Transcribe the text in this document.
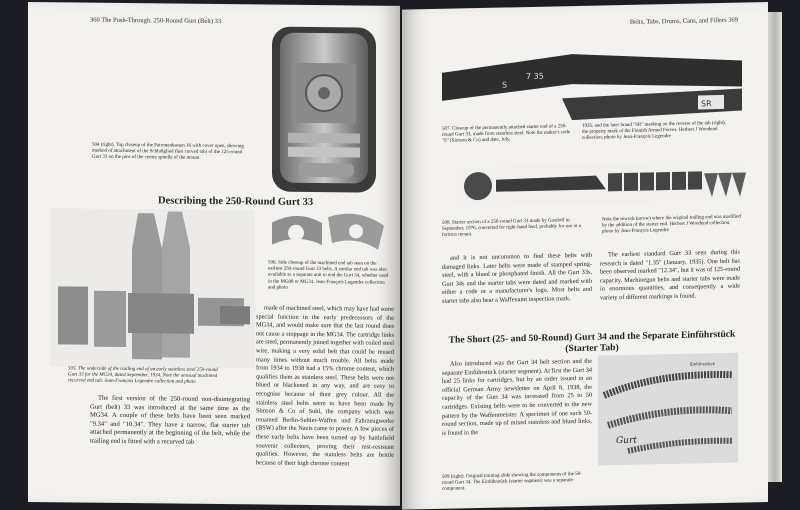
360 The Push-Through, 250-Round Gurt (Belt) 33
504 (right). Top closeup of the Patronenkasten 16 with cover open, showing method of attachment of the Schlußglied (last curved tab) of the 125-round Gurt 33 on the pins of the centre spindle of the mount
Describing the 250-Round Gurt 33
505. The underside of the trailing end of an early stainless steel 250-round Gurt 33 for the MG34, dated September, 1934. Note the unusual machined recurved end tab. Jean-François Legendre collection and photo
506. Side closeup of the machined end tab seen on the earliest 250-round Gurt 33 belts. A similar end tab was also available as a separate unit to end the Gurt 34, whether used in the MG08 or MG34. Jean-François Legendre collection and photo

The first version of the 250-round non-disintegrating Gurt (belt) 33 was introduced at the same time as the MG34. A couple of these belts have been seen marked "9.34" and "10.34". They have a narrow, flat starter tab attached permanently at the beginning of the belt, while the trailing end is fitted with a recurved tab

made of machined steel, which may have had some special function in the early predecessors of the MG34, and would make sure that the last round does not cause a stoppage in the MG34. The cartridge links are steel, permanently joined together with coiled steel wire, making a very solid belt that could be reused many times without much trouble. All belts made from 1934 to 1938 had a 15% chrome content, which qualifies them as stainless steel. These belts were not blued or blackened in any way, and are easy to recognise because of their grey colour. All the stainless steel belts seem to have been made by Simson & Co of Suhl, the company which was renamed Berlin-Suhler-Waffen und Fahrzeugwerke (BSW) after the Nazis came to power. A few pieces of these early belts have been turned up by battlefield souvenir collectors, proving their rust-resistant qualities. However, the stainless belts are brittle because of their high chrome content

Belts, Tabs, Drums, Cans, and Fillers 369
S
7 35
SR
507. Closeup of the permanently attached starter end of a 250-round Gurt 33, made from stainless steel. Note the maker's code "S" (Simson & Co) and date, July,
1935, and the later brand "SR" marking on the reverse of the tab (right), the property mark of the Finnish Armed Forces. Herbert J Woodend collection, photo by Jean-François Legendre
508. Starter section of a 250-round Gurt 33 made by Gustloff in September, 1976, converted for right-hand feed, probably for use in a fortress mount.
Note the rework (arrow) where the original trailing end was modified by the addition of the starter end. Herbert J Woodend collection, photo by Jean-François Legendre

and it is not uncommon to find these belts with damaged links. Later belts were made of stamped spring-steel, with a blued or phosphated finish. All the Gurt 33s, Gurt 34s and the starter tabs were dated and marked with either a code or a manufacturer's logo. Most belts and starter tabs also bear a Waffenamt inspection mark.

The earliest standard Gurt 33 seen during this research is dated "1.35" (January, 1935). One belt has been observed marked "12.34", but it was of 125-round capacity. Machinegun belts and starter tabs were made in enormous quantities, and consequently a wide variety of different markings is found.

The Short (25- and 50-Round) Gurt 34 and the Separate Einführstück (Starter Tab)

Also introduced was the Gurt 34 belt section and the separate Einführstück (starter segment). At first the Gurt 34 had 25 links for cartridges, but by an order issued in an official German Army newsletter on April 8, 1938, the capacity of the Gurt 34 was increased from 25 to 50 cartridges. Existing belts were to be converted to the new pattern by the Waffenmeister. A specimen of one such 50-round section, made up of mixed stainless and blued links, is found in the

509 (right). Original training slide showing the components of the 50-round Gurt 34. The Einführstück (starter segment) was a separate component.
Gurt
Einführstück
